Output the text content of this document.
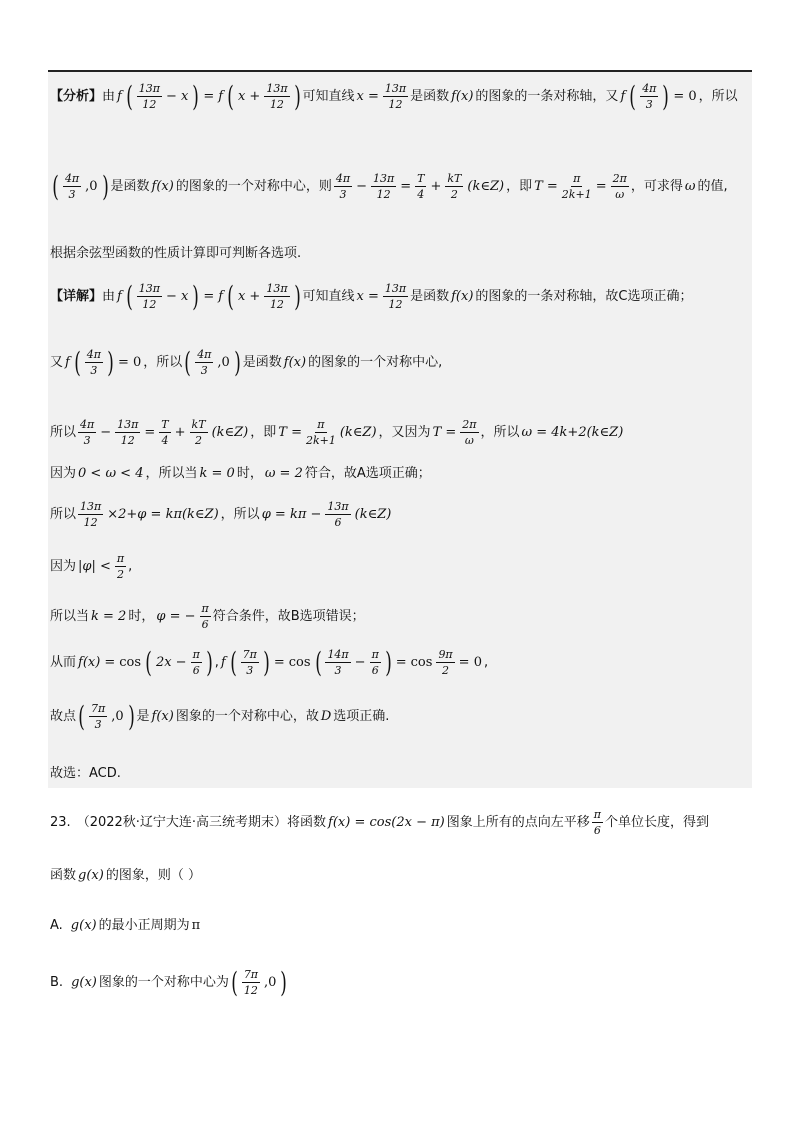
【分析】 由 f ( $\frac{13\pi}{12} - x$ ) = f ( $x + \frac{13\pi}{12}$ ) 可知直线 $x = \frac{13\pi}{12}$ 是函数 f(x) 的图象的一条对称轴，又 f ( $\frac{4\pi}{3}$ ) = 0 ，所以
( $\frac{4\pi}{3} ,0$ ) 是函数 f(x) 的图象的一个对称中心，则 $\frac{4\pi}{3} - \frac{13\pi}{12} = \frac{T}{4} + \frac{kT}{2}$ (k∈Z) ，即 $T = \frac{\pi}{2k+1} = \frac{2\pi}{\omega}$ ，可求得 ω 的值,
根据余弦型函数的性质计算即可判断各选项.
【详解】 由 f ( $\frac{13\pi}{12} - x$ ) = f ( $x + \frac{13\pi}{12}$ ) 可知直线 $x = \frac{13\pi}{12}$ 是函数 f(x) 的图象的一条对称轴，故C选项正确；
又 f ( $\frac{4\pi}{3}$ ) = 0 ，所以 ( $\frac{4\pi}{3} ,0$ ) 是函数 f(x) 的图象的一个对称中心,
所以 $\frac{4\pi}{3} - \frac{13\pi}{12} = \frac{T}{4} + \frac{kT}{2}$ (k∈Z) ，即 $T = \frac{\pi}{2k+1}$ (k∈Z) ，又因为 $T = \frac{2\pi}{\omega}$ ，所以 ω = 4k+2(k∈Z)
因为 0 < ω < 4 ，所以当 k = 0 时， ω = 2 符合，故A选项正确；
所以 $\frac{13\pi}{12} \times 2+\varphi$ = kπ(k∈Z) ，所以 $\varphi = k\pi - \frac{13\pi}{6}$ (k∈Z)
因为 $|\varphi| < \frac{\pi}{2}$ ,
所以当 k = 2 时， φ = − $\frac{\pi}{6}$ 符合条件，故B选项错误；
从而 f(x) = cos ( $2x - \frac{\pi}{6}$ ) , f ( $\frac{7\pi}{3}$ ) = cos ( $\frac{14\pi}{3} - \frac{\pi}{6}$ ) = $\cos \frac{9\pi}{2} = 0$ ,
故点 ( $\frac{7\pi}{3} ,0$ ) 是 f(x) 图象的一个对称中心，故 D 选项正确.
故选：ACD.
23. （2022秋·辽宁大连·高三统考期末）将函数 f(x) = cos(2x − π) 图象上所有的点向左平移 $\frac{\pi}{6}$ 个单位长度，得到
函数 g(x) 的图象，则（ ）
A. g(x) 的最小正周期为 π
B. g(x) 图象的一个对称中心为 ( $\frac{7\pi}{12} ,0$ )
